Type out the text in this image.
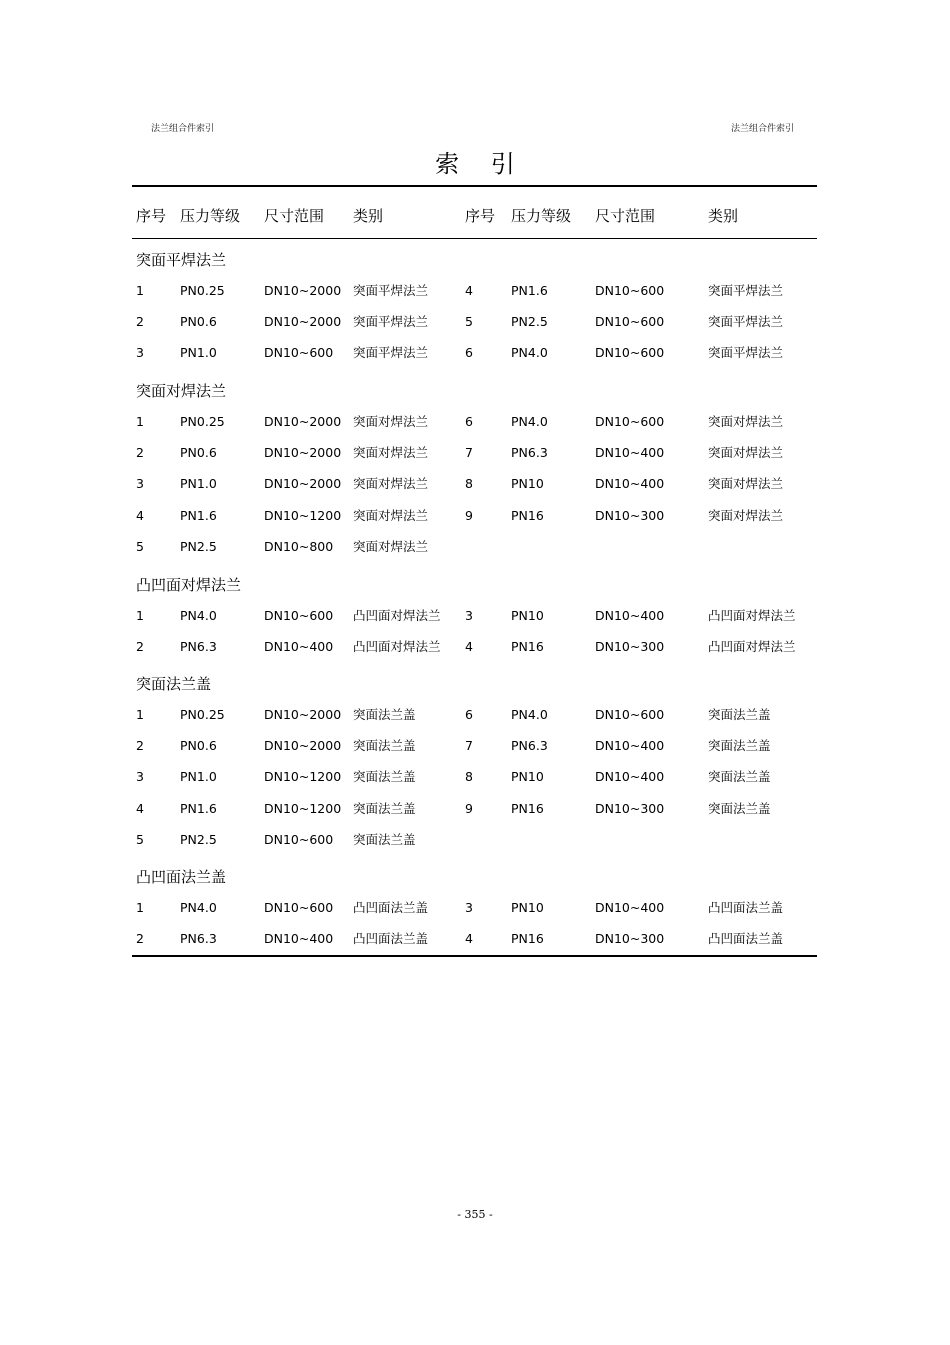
法兰组合件索引	法兰组合件索引
索 引
序号 压力等级 尺寸范围 类别	序号 压力等级 尺寸范围	类别
突面平焊法兰
1	PN0.25	DN10~2000 突面平焊法兰	4	PN1.6	DN10~600	突面平焊法兰
2	PN0.6	DN10~2000 突面平焊法兰	5	PN2.5	DN10~600	突面平焊法兰
3	PN1.0	DN10~600 突面平焊法兰	6	PN4.0	DN10~600	突面平焊法兰
突面对焊法兰
1	PN0.25	DN10~2000 突面对焊法兰	6	PN4.0	DN10~600	突面对焊法兰
2	PN0.6	DN10~2000 突面对焊法兰	7	PN6.3	DN10~400	突面对焊法兰
3	PN1.0	DN10~2000 突面对焊法兰	8	PN10	DN10~400	突面对焊法兰
4	PN1.6	DN10~1200 突面对焊法兰	9	PN16	DN10~300	突面对焊法兰
5	PN2.5	DN10~800 突面对焊法兰
凸凹面对焊法兰
1	PN4.0	DN10~600 凸凹面对焊法兰 3	PN10	DN10~400	凸凹面对焊法兰
2	PN6.3	DN10~400 凸凹面对焊法兰 4	PN16	DN10~300	凸凹面对焊法兰
突面法兰盖
1	PN0.25	DN10~2000 突面法兰盖	6	PN4.0	DN10~600	突面法兰盖
2	PN0.6	DN10~2000 突面法兰盖	7	PN6.3	DN10~400	突面法兰盖
3	PN1.0	DN10~1200 突面法兰盖	8	PN10	DN10~400	突面法兰盖
4	PN1.6	DN10~1200 突面法兰盖	9	PN16	DN10~300	突面法兰盖
5	PN2.5	DN10~600 突面法兰盖
凸凹面法兰盖
1	PN4.0	DN10~600 凸凹面法兰盖	3	PN10	DN10~400	凸凹面法兰盖
2	PN6.3	DN10~400 凸凹面法兰盖	4	PN16	DN10~300	凸凹面法兰盖
- 355 -
